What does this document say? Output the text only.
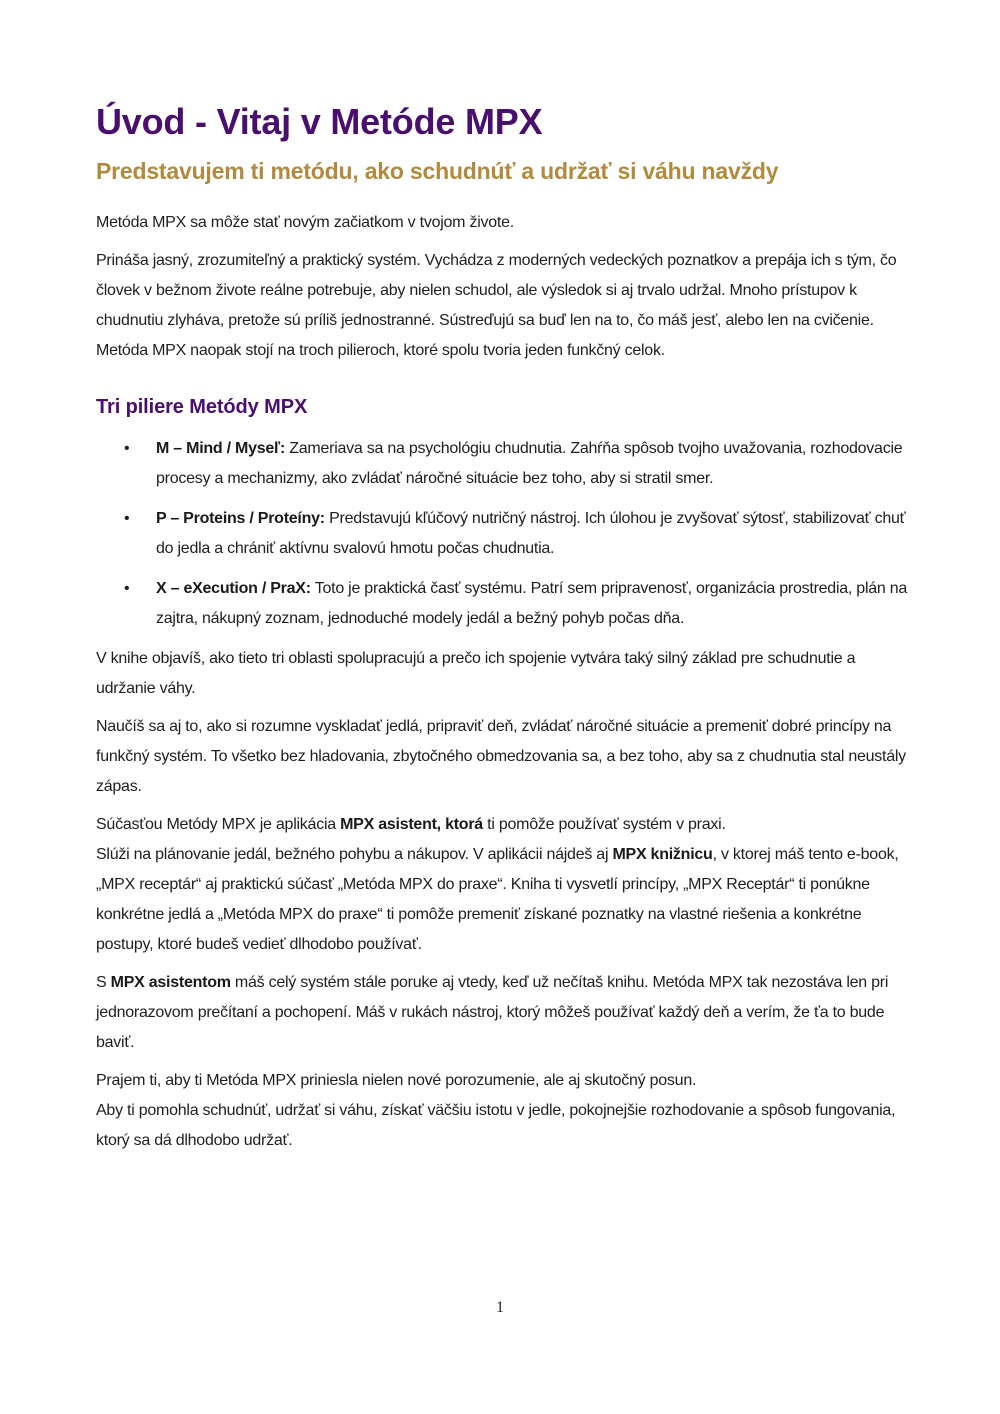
Úvod - Vitaj v Metóde MPX
Predstavujem ti metódu, ako schudnúť a udržať si váhu navždy

Metóda MPX sa môže stať novým začiatkom v tvojom živote.

Prináša jasný, zrozumiteľný a praktický systém. Vychádza z moderných vedeckých poznatkov a prepája ich s tým, čo človek v bežnom živote reálne potrebuje, aby nielen schudol, ale výsledok si aj trvalo udržal. Mnoho prístupov k chudnutiu zlyháva, pretože sú príliš jednostranné. Sústreďujú sa buď len na to, čo máš jesť, alebo len na cvičenie. Metóda MPX naopak stojí na troch pilieroch, ktoré spolu tvoria jeden funkčný celok.

Tri piliere Metódy MPX
• M – Mind / Myseľ: Zameriava sa na psychológiu chudnutia. Zahŕňa spôsob tvojho uvažovania, rozhodovacie procesy a mechanizmy, ako zvládať náročné situácie bez toho, aby si stratil smer.
• P – Proteins / Proteíny: Predstavujú kľúčový nutričný nástroj. Ich úlohou je zvyšovať sýtosť, stabilizovať chuť do jedla a chrániť aktívnu svalovú hmotu počas chudnutia.
• X – eXecution / PraX: Toto je praktická časť systému. Patrí sem pripravenosť, organizácia prostredia, plán na zajtra, nákupný zoznam, jednoduché modely jedál a bežný pohyb počas dňa.

V knihe objavíš, ako tieto tri oblasti spolupracujú a prečo ich spojenie vytvára taký silný základ pre schudnutie a udržanie váhy.

Naučíš sa aj to, ako si rozumne vyskladať jedlá, pripraviť deň, zvládať náročné situácie a premeniť dobré princípy na funkčný systém. To všetko bez hladovania, zbytočného obmedzovania sa, a bez toho, aby sa z chudnutia stal neustály zápas.

Súčasťou Metódy MPX je aplikácia MPX asistent, ktorá ti pomôže používať systém v praxi.
Slúži na plánovanie jedál, bežného pohybu a nákupov. V aplikácii nájdeš aj MPX knižnicu, v ktorej máš tento e-book, „MPX receptár“ aj praktickú súčasť „Metóda MPX do praxe“. Kniha ti vysvetlí princípy, „MPX Receptár“ ti ponúkne konkrétne jedlá a „Metóda MPX do praxe“ ti pomôže premeniť získané poznatky na vlastné riešenia a konkrétne postupy, ktoré budeš vedieť dlhodobo používať.

S MPX asistentom máš celý systém stále poruke aj vtedy, keď už nečítaš knihu. Metóda MPX tak nezostáva len pri jednorazovom prečítaní a pochopení. Máš v rukách nástroj, ktorý môžeš používať každý deň a verím, že ťa to bude baviť.

Prajem ti, aby ti Metóda MPX priniesla nielen nové porozumenie, ale aj skutočný posun.
Aby ti pomohla schudnúť, udržať si váhu, získať väčšiu istotu v jedle, pokojnejšie rozhodovanie a spôsob fungovania, ktorý sa dá dlhodobo udržať.

1
